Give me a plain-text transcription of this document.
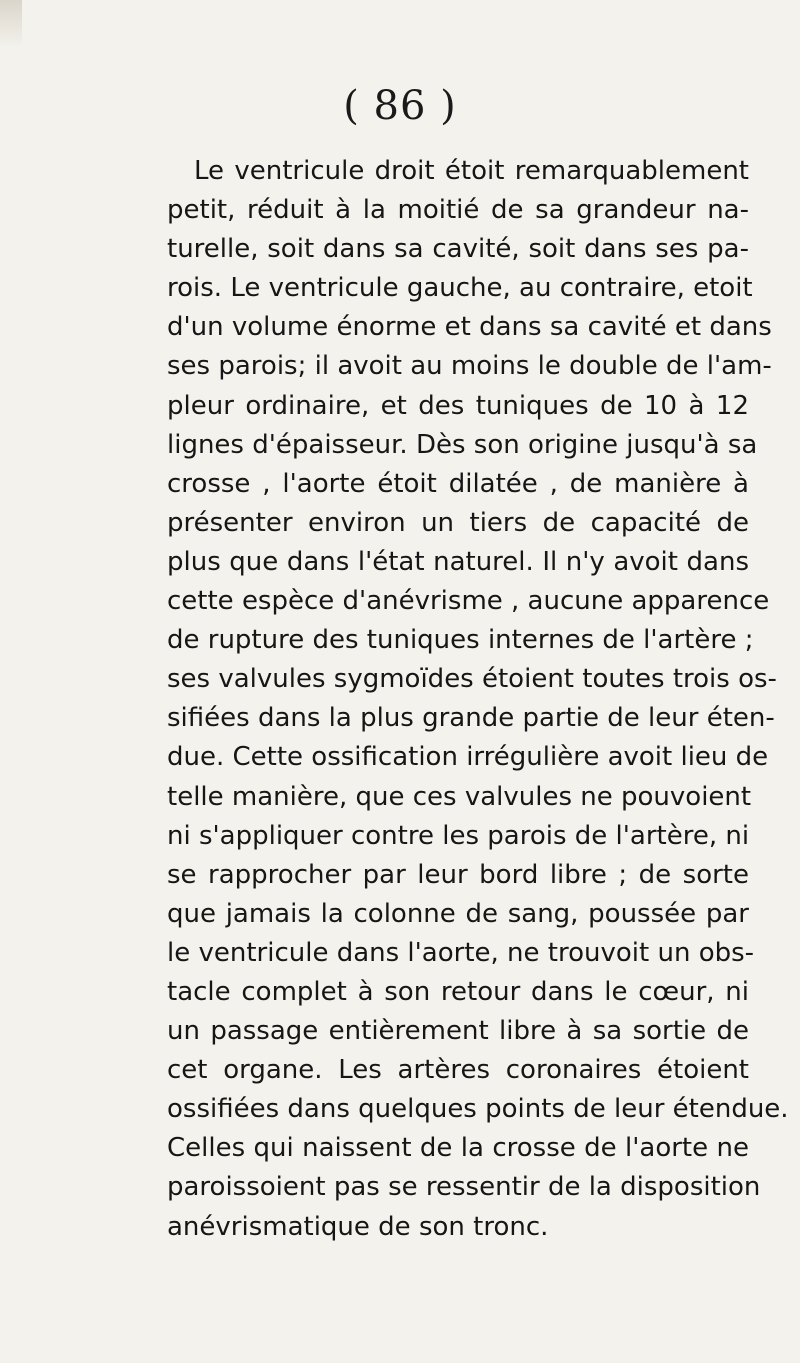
( 86 )
Le ventricule droit étoit remarquablement
petit, réduit à la moitié de sa grandeur na-
turelle, soit dans sa cavité, soit dans ses pa-
rois. Le ventricule gauche, au contraire, etoit
d'un volume énorme et dans sa cavité et dans
ses parois; il avoit au moins le double de l'am-
pleur ordinaire, et des tuniques de 10 à 12
lignes d'épaisseur. Dès son origine jusqu'à sa
crosse , l'aorte étoit dilatée , de manière à
présenter environ un tiers de capacité de
plus que dans l'état naturel. Il n'y avoit dans
cette espèce d'anévrisme , aucune apparence
de rupture des tuniques internes de l'artère ;
ses valvules sygmoïdes étoient toutes trois os-
sifiées dans la plus grande partie de leur éten-
due. Cette ossification irrégulière avoit lieu de
telle manière, que ces valvules ne pouvoient
ni s'appliquer contre les parois de l'artère, ni
se rapprocher par leur bord libre ; de sorte
que jamais la colonne de sang, poussée par
le ventricule dans l'aorte, ne trouvoit un obs-
tacle complet à son retour dans le cœur, ni
un passage entièrement libre à sa sortie de
cet organe. Les artères coronaires étoient
ossifiées dans quelques points de leur étendue.
Celles qui naissent de la crosse de l'aorte ne
paroissoient pas se ressentir de la disposition
anévrismatique de son tronc.
